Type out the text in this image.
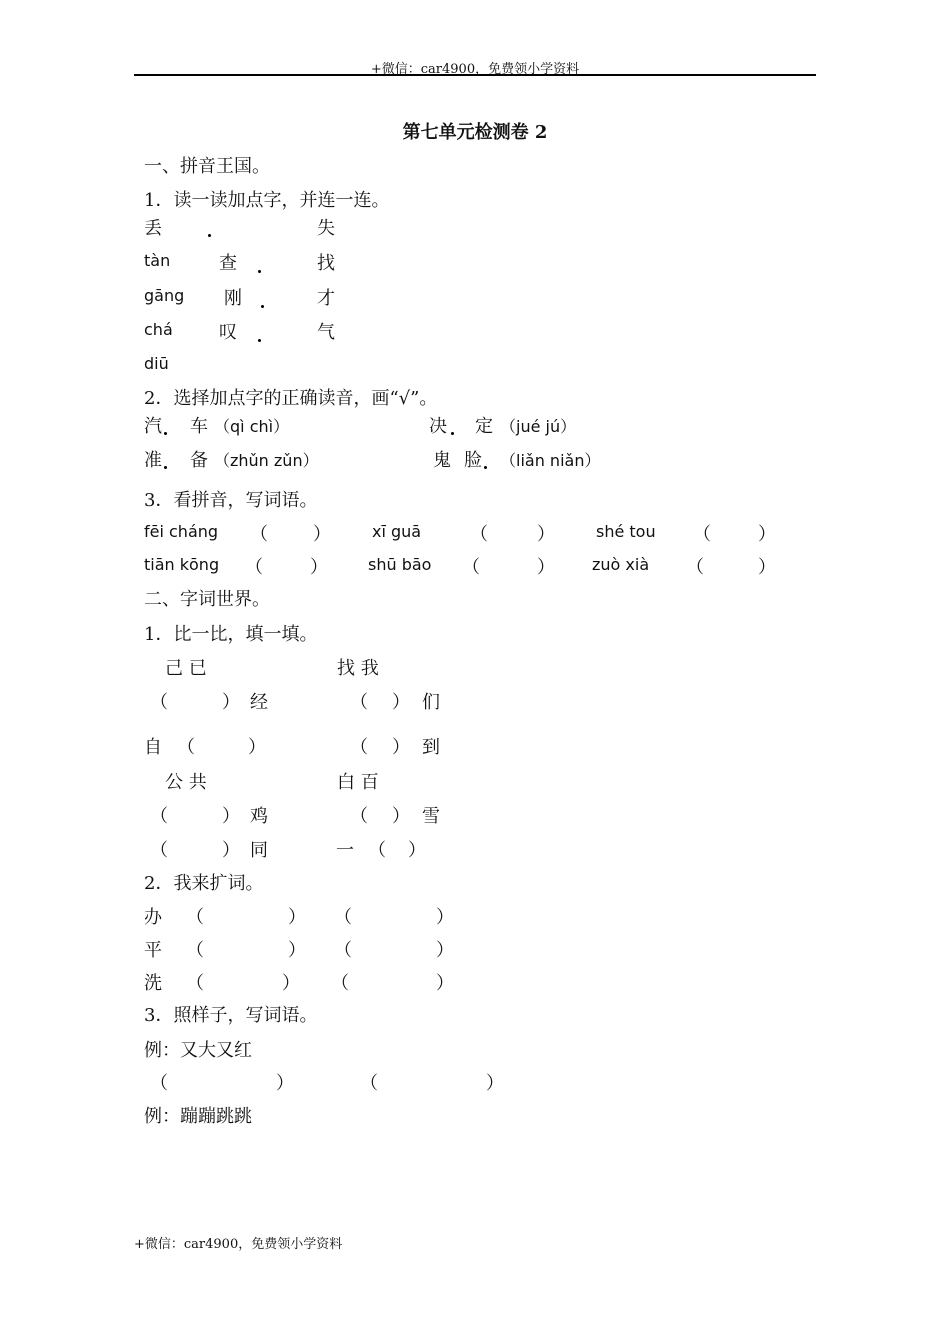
+微信：car4900，免费领小学资料
第七单元检测卷 2
一、拼音王国。
1．读一读加点字，并连一连。
丢	失
tàn	查	找
gāng 刚	才
chá	叹	气
diū
2．选择加点字的正确读音，画“√”。
汽 车 （qì chì）	决 定 （jué jú）
准 备 （zhǔn zǔn）	鬼 脸 （liǎn niǎn）
3．看拼音，写词语。
fēi cháng （	）	xī guā	（	）	shé tou （	）
tiān kōng （	）	shū bāo （	） zuò xià （	）
二、字词世界。
1．比一比，填一填。
己 已	找 我
（	） 经	（ ） 们
自 （	）	（ ） 到
公 共	白 百
（	） 鸡	（ ） 雪
（	） 同	一 （ ）
2．我来扩词。
办 （	） （	）
平 （	） （	）
洗 （	） （	）
3．照样子，写词语。
例：又大又红
（	）	（	）
例：蹦蹦跳跳
+微信：car4900，免费领小学资料
